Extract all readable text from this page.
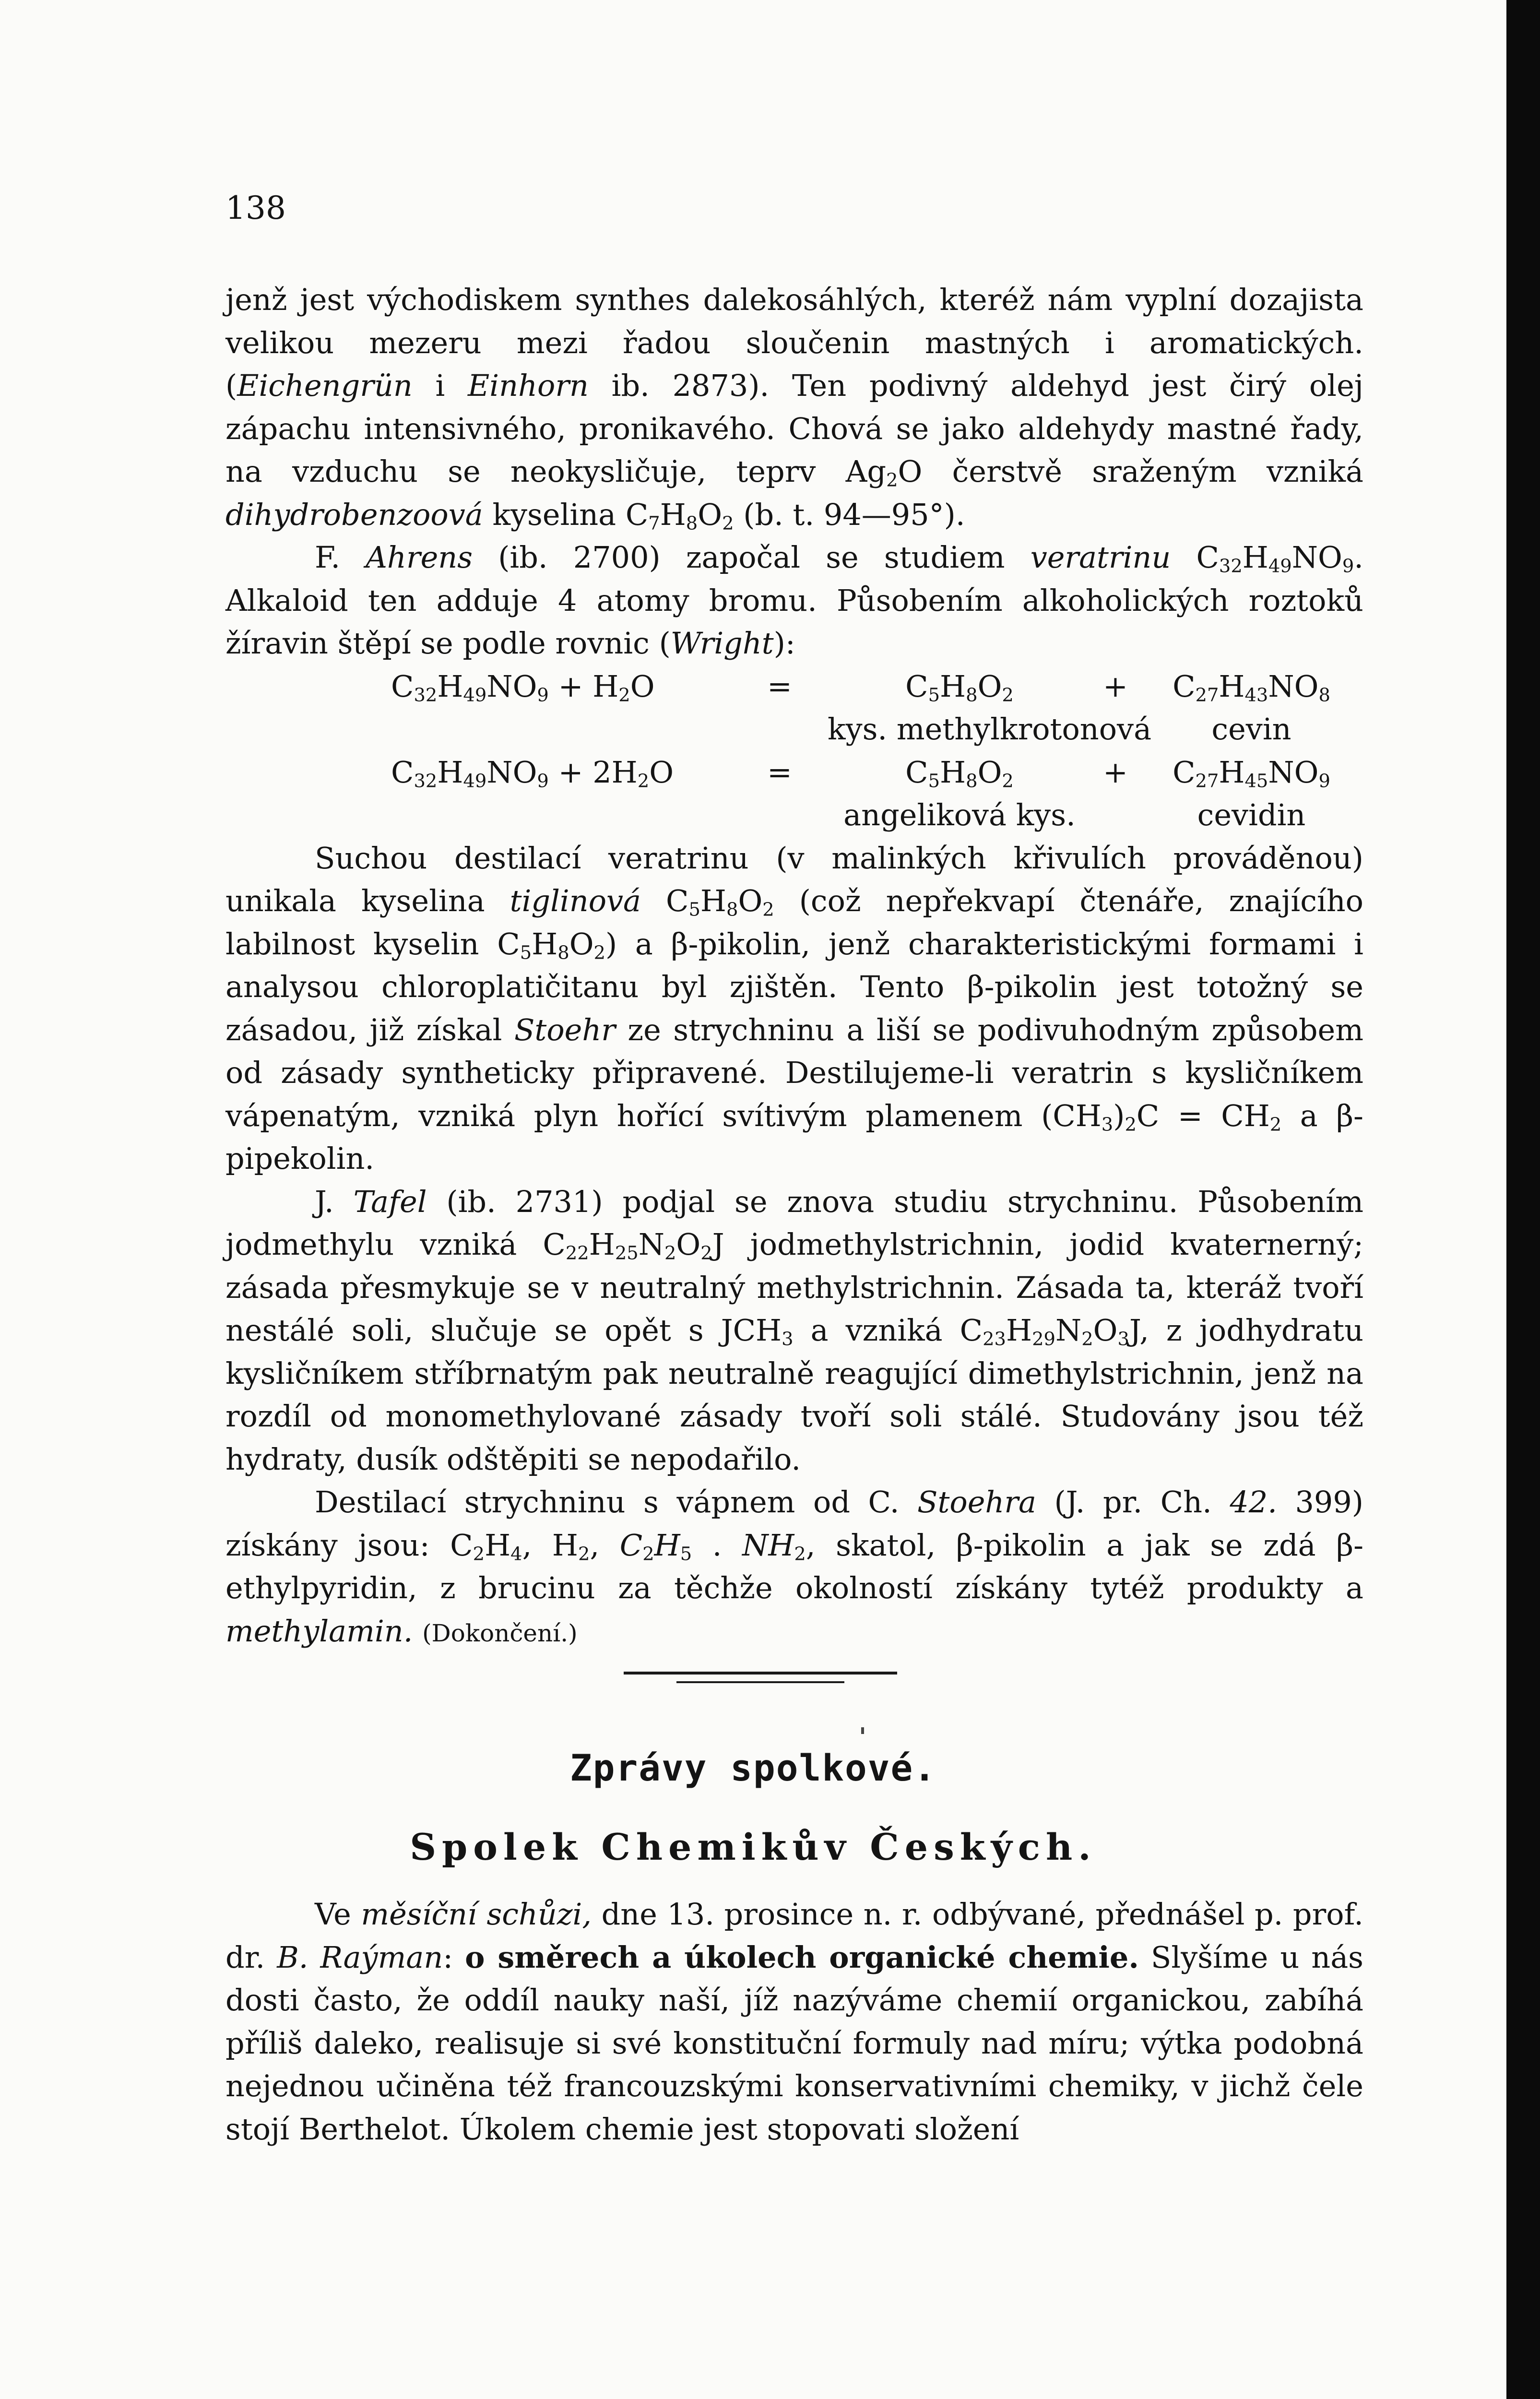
138

jenž jest východiskem synthes dalekosáhlých, kteréž nám vyplní dozajista velikou mezeru mezi řadou sloučenin mastných i aromatických. (Eichengrün i Einhorn ib. 2873). Ten podivný aldehyd jest čirý olej zápachu intensivného, pronikavého. Chová se jako aldehydy mastné řady, na vzduchu se neokysličuje, teprv $Ag_2O$ čerstvě sraženým vzniká dihydrobenzoová kyselina $C_7H_8O_2$ (b. t. 94—95°).

F. Ahrens (ib. 2700) započal se studiem veratrinu $C_{32}H_{49}NO_9$. Alkaloid ten adduje 4 atomy bromu. Působením alkoholických roztoků žíravin štěpí se podle rovnic (Wright):

$C_{32}H_{49}NO_9 + H_2O$	=	$C_5H_8O_2$	+	$C_{27}H_{43}NO_8$
kys. methylkrotonová	cevin
$C_{32}H_{49}NO_9 + 2H_2O$	=	$C_5H_8O_2$	+	$C_{27}H_{45}NO_9$
angeliková kys.	cevidin

Suchou destilací veratrinu (v malinkých křivulích prováděnou) unikala kyselina tiglinová $C_5H_8O_2$ (což nepřekvapí čtenáře, znajícího labilnost kyselin $C_5H_8O_2$) a β-pikolin, jenž charakteristickými formami i analysou chloroplatičitanu byl zjištěn. Tento β-pikolin jest totožný se zásadou, již získal Stoehr ze strychninu a liší se podivuhodným způsobem od zásady syntheticky připravené. Destilujeme-li veratrin s kysličníkem vápenatým, vzniká plyn hořící svítivým plamenem $(CH_3)_2C = CH_2$ a β-pipekolin.

J. Tafel (ib. 2731) podjal se znova studiu strychninu. Působením jodmethylu vzniká $C_{22}H_{25}N_2O_2J$ jodmethylstrichnin, jodid kvaternerný; zásada přesmykuje se v neutralný methylstrichnin. Zásada ta, kteráž tvoří nestálé soli, slučuje se opět s $JCH_3$ a vzniká $C_{23}H_{29}N_2O_3J$, z jodhydratu kysličníkem stříbrnatým pak neutralně reagující dimethylstrichnin, jenž na rozdíl od monomethylované zásady tvoří soli stálé. Studovány jsou též hydraty, dusík odštěpiti se nepodařilo.

Destilací strychninu s vápnem od C. Stoehra (J. pr. Ch. 42. 399) získány jsou: $C_2H_4$, $H_2$, $C_2H_5$ . $NH_2$, skatol, β-pikolin a jak se zdá β-ethylpyridin, z brucinu za těchže okolností získány tytéž produkty a methylamin. (Dokončení.)

Zprávy spolkové.
Spolek Chemikův Českých.

Ve měsíční schůzi, dne 13. prosince n. r. odbývané, přednášel p. prof. dr. B. Raýman: o směrech a úkolech organické chemie. Slyšíme u nás dosti často, že oddíl nauky naší, jíž nazýváme chemií organickou, zabíhá příliš daleko, realisuje si své konstituční formuly nad míru; výtka podobná nejednou učiněna též francouzskými konservativními chemiky, v jichž čele stojí Berthelot. Úkolem chemie jest stopovati složení
